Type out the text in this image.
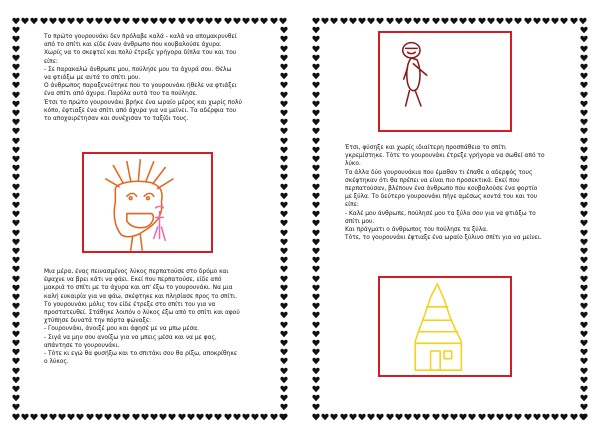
Το πρώτο γουρουνάκι δεν πρόλαβε καλά - καλά να απομακρυνθεί

από το σπίτι και είδε έναν άνθρωπο που κουβαλούσε άχυρα.

Χωρίς να το σκεφτεί και πολύ έτρεξε γρήγορα δίπλα του και του

είπε:

- Σε παρακαλώ άνθρωπε μου, πούλησε μου τα άχυρά σου. Θέλω

να φτιάξω με αυτά το σπίτι μου.

Ο άνθρωπος παραξενεύτηκε που το γουρουνάκι ήθελε να φτιάξει

ένα σπίτι από άχυρα. Παρόλα αυτά του τα πούλησε.

Έτσι το πρώτο γουρουνάκι βρήκε ένα ωραίο μέρος και χωρίς πολύ

κόπο, έφτιαξε ένα σπίτι από άχυρα για να μείνει. Τα αδέρφια του

το αποχαιρέτησαν και συνέχισαν το ταξίδι τους.

Μια μέρα, ένας πεινασμένος λύκος περπατούσε στο δρόμο και

έψαχνε να βρει κάτι να φάει. Εκεί που περπατούσε, είδε από

μακριά το σπίτι με τα άχυρα και απ' έξω το γουρουνάκι. Να μια

καλή ευκαιρία για να φάω, σκέφτηκε και πλησίασε προς το σπίτι.

Το γουρουνάκι μόλις τον είδε έτρεξε στο σπίτι του για να

προστατευθεί. Στάθηκε λοιπόν ο λύκος έξω από το σπίτι και αφού

χτύπησε δυνατά την πόρτα φώναξε:

- Γουρουνάκι, άνοιξέ μου και άφησέ με να μπω μέσα.

- Σιγά να μην σου ανοίξω για να μπεις μέσα και να με φας,

απάντησε το γουρουνάκι.

- Τότε κι εγώ θα φυσήξω και το σπιτάκι σου θα ρίξω, αποκρίθηκε

ο λύκος.

Έτσι, φύσηξε και χωρίς ιδιαίτερη προσπάθεια το σπίτι

γκρεμίστηκε. Τότε το γουρουνάκι έτρεξε γρήγορα να σωθεί από το

λύκο.

Τα άλλα δύο γουρουνάκια που έμαθαν τι έπαθε ο αδερφός τους

σκέφτηκαν ότι θα πρέπει να είναι πιο προσεκτικά. Εκεί που

περπατούσαν, βλέπουν ένα άνθρωπο που κουβαλούσε ένα φορτίο

με ξύλα. Το δεύτερο γουρουνάκι πήγε αμέσως κοντά του και του

είπε:

- Καλέ μου άνθρωπε, πούλησέ μου τα ξύλα σου για να φτιάξω το

σπίτι μου.

Και πράγματι ο άνθρωπος του πούλησε τα ξύλα.

Τότε, το γουρουνάκι έφτιαξε ένα ωραίο ξύλινο σπίτι για να μείνει.
